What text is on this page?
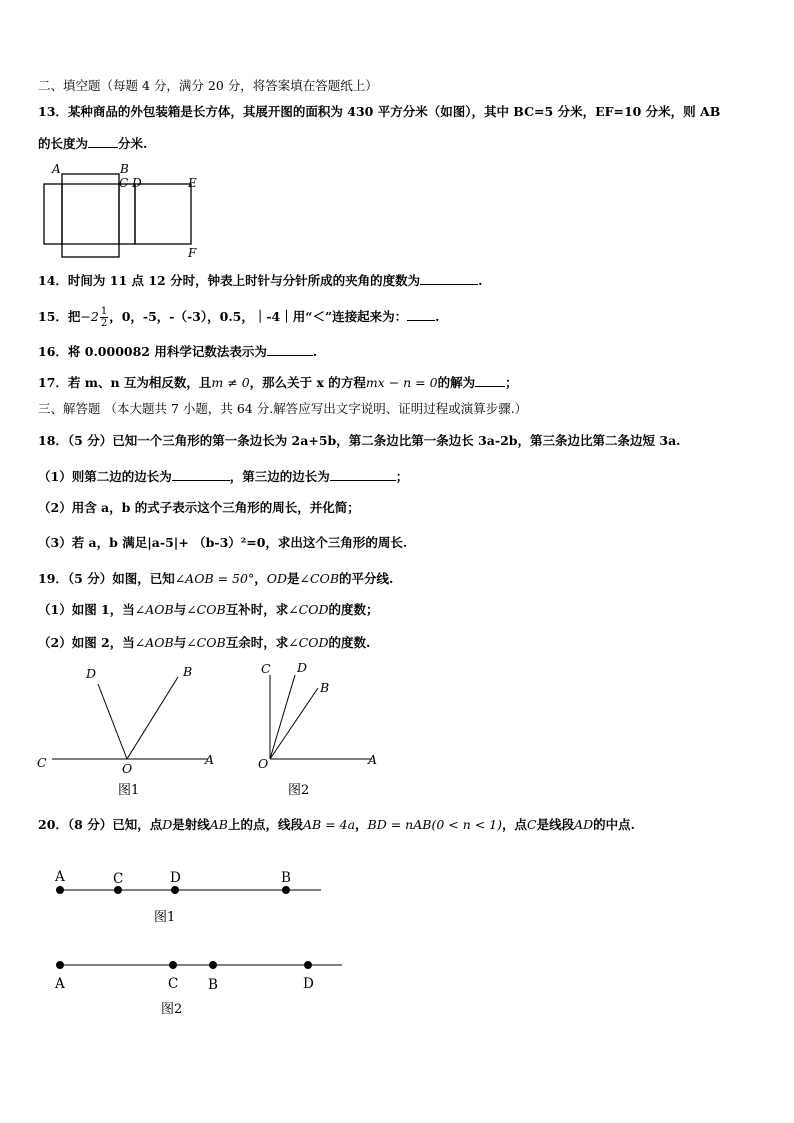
二、填空题（每题 4 分，满分 20 分，将答案填在答题纸上）
13．某种商品的外包装箱是长方体，其展开图的面积为 430 平方分米（如图），其中 BC=5 分米，EF=10 分米，则 AB
的长度为 分米.
A	B
C D	E
F
14．时间为 11 点 12 分时，钟表上时针与分针所成的夹角的度数为	.
15．把$-2 \frac{1}{2}$ ，0，-5，-（-3），0.5，｜-4｜用“＜”连接起来为： .
16．将 0.000082 用科学记数法表示为	.
17．若 m、n 互为相反数，且m ≠ 0，那么关于 x 的方程mx − n = 0的解为 ；
三、解答题 （本大题共 7 小题，共 64 分.解答应写出文字说明、证明过程或演算步骤.）
18．（5 分）已知一个三角形的第一条边长为 2a+5b，第二条边比第一条边长 3a-2b，第三条边比第二条边短 3a.
（1）则第二边的边长为	，第三边的边长为	；
（2）用含 a，b 的式子表示这个三角形的周长，并化简；
（3）若 a，b 满足|a-5|+ （b-3）²=0，求出这个三角形的周长.
19．（5 分）如图，已知∠AOB = 50°，OD是∠COB的平分线.
（1）如图 1，当∠AOB与∠COB互补时，求∠COD的度数；
（2）如图 2，当∠AOB与∠COB互余时，求∠COD的度数.
C	O
A
D	B
图1
C D
B
O	A
图2
20．（8 分）已知，点D是射线AB上的点，线段AB = 4a，BD = nAB(0 < n < 1)，点C是线段AD的中点.
A	C	D	B
图1
A	C B	D
图2
